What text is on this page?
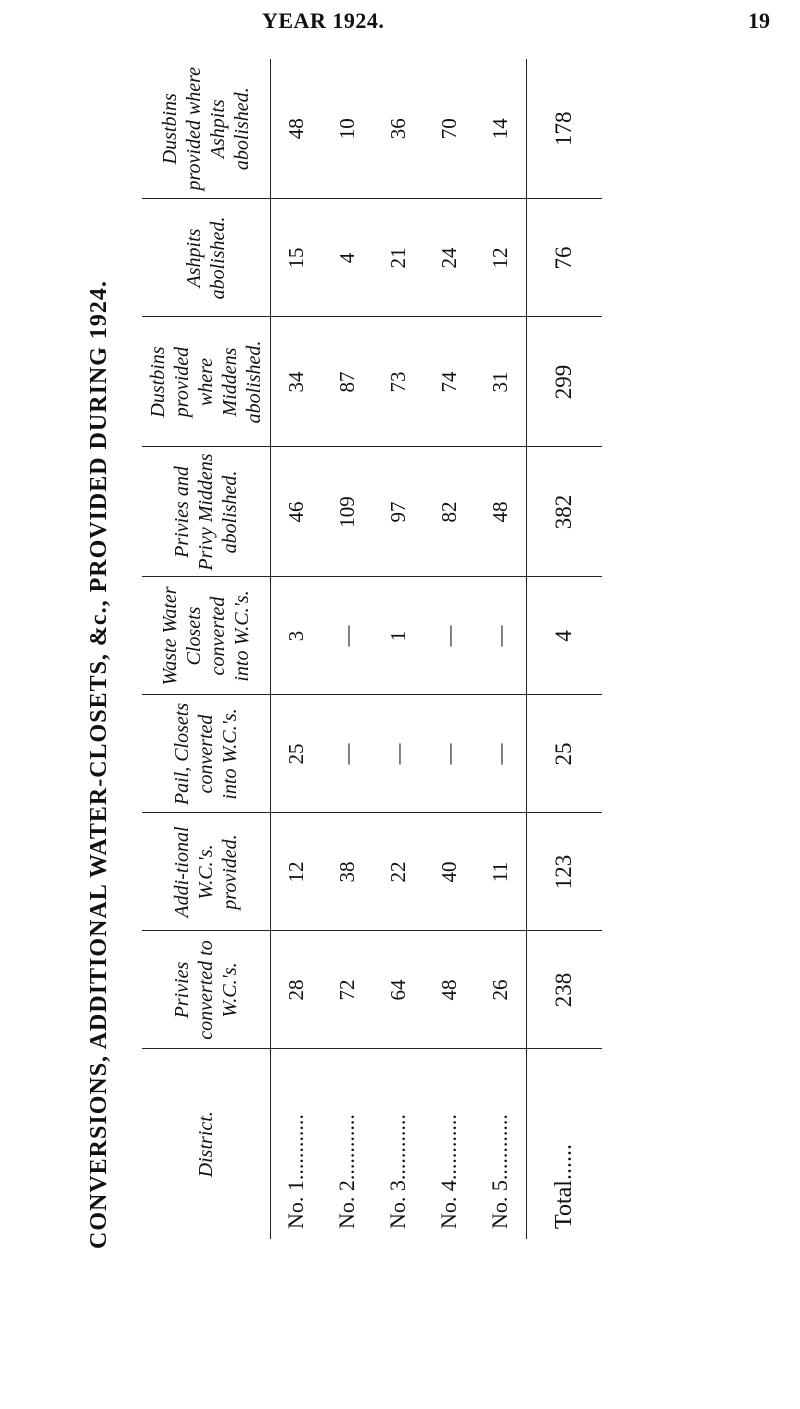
YEAR 1924.	19
CONVERSIONS, ADDITIONAL WATER-CLOSETS, &c., PROVIDED DURING 1924.	District.	Privies converted to W.C.'s.	Addi-tional W.C.'s. provided.	Pail, Closets converted into W.C.'s.	Waste Water Closets converted into W.C.'s.	Privies and Privy Middens abolished.	Dustbins provided where Middens abolished.	Ashpits abolished.	Dustbins provided where Ashpits abolished.
No. 1............	28	12	25	3	46	34	15	48
No. 2............	72	38	—	—	109	87	4	10
No. 3............	64	22	—	1	97	73	21	36
No. 4............	48	40	—	—	82	74	24	70
No. 5............	26	11	—	—	48	31	12	14
Total......	238	123	25	4	382	299	76	178
